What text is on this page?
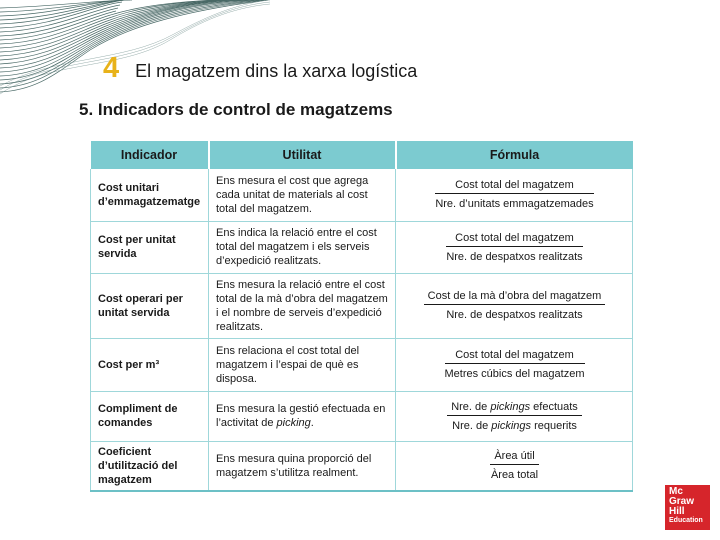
4 El magatzem dins la xarxa logística
5. Indicadors de control de magatzems
Indicador	Utilitat	Fórmula
Cost unitari d’emmagatzematge	Ens mesura el cost que agrega cada unitat de materials al cost total del magatzem.	$\frac{\text{Cost total del magatzem}}{\text{Nre. d’unitats emmagatzemades}}$

Cost per unitat servida	Ens indica la relació entre el cost total del magatzem i els serveis d’expedició realitzats.	$\frac{\text{Cost total del magatzem}}{\text{Nre. de despatxos realitzats}}$

Cost operari per unitat servida	Ens mesura la relació entre el cost total de la mà d’obra del magatzem i el nombre de serveis d’expedició realitzats.	$\frac{\text{Cost de la mà d’obra del magatzem}}{\text{Nre. de despatxos realitzats}}$

Cost per m³	Ens relaciona el cost total del magatzem i l’espai de què es disposa.	$\frac{\text{Cost total del magatzem}}{\text{Metres cúbics del magatzem}}$

Compliment de comandes	Ens mesura la gestió efectuada en l’activitat de picking.	$\frac{\text{Nre. de pickings efectuats}}{\text{Nre. de pickings requerits}}$

Coeficient d’utilització del magatzem	Ens mesura quina proporció del magatzem s’utilitza realment.	$\frac{\text{Àrea útil}}{\text{Àrea total}}$
Mc
Graw
Hill
Education
